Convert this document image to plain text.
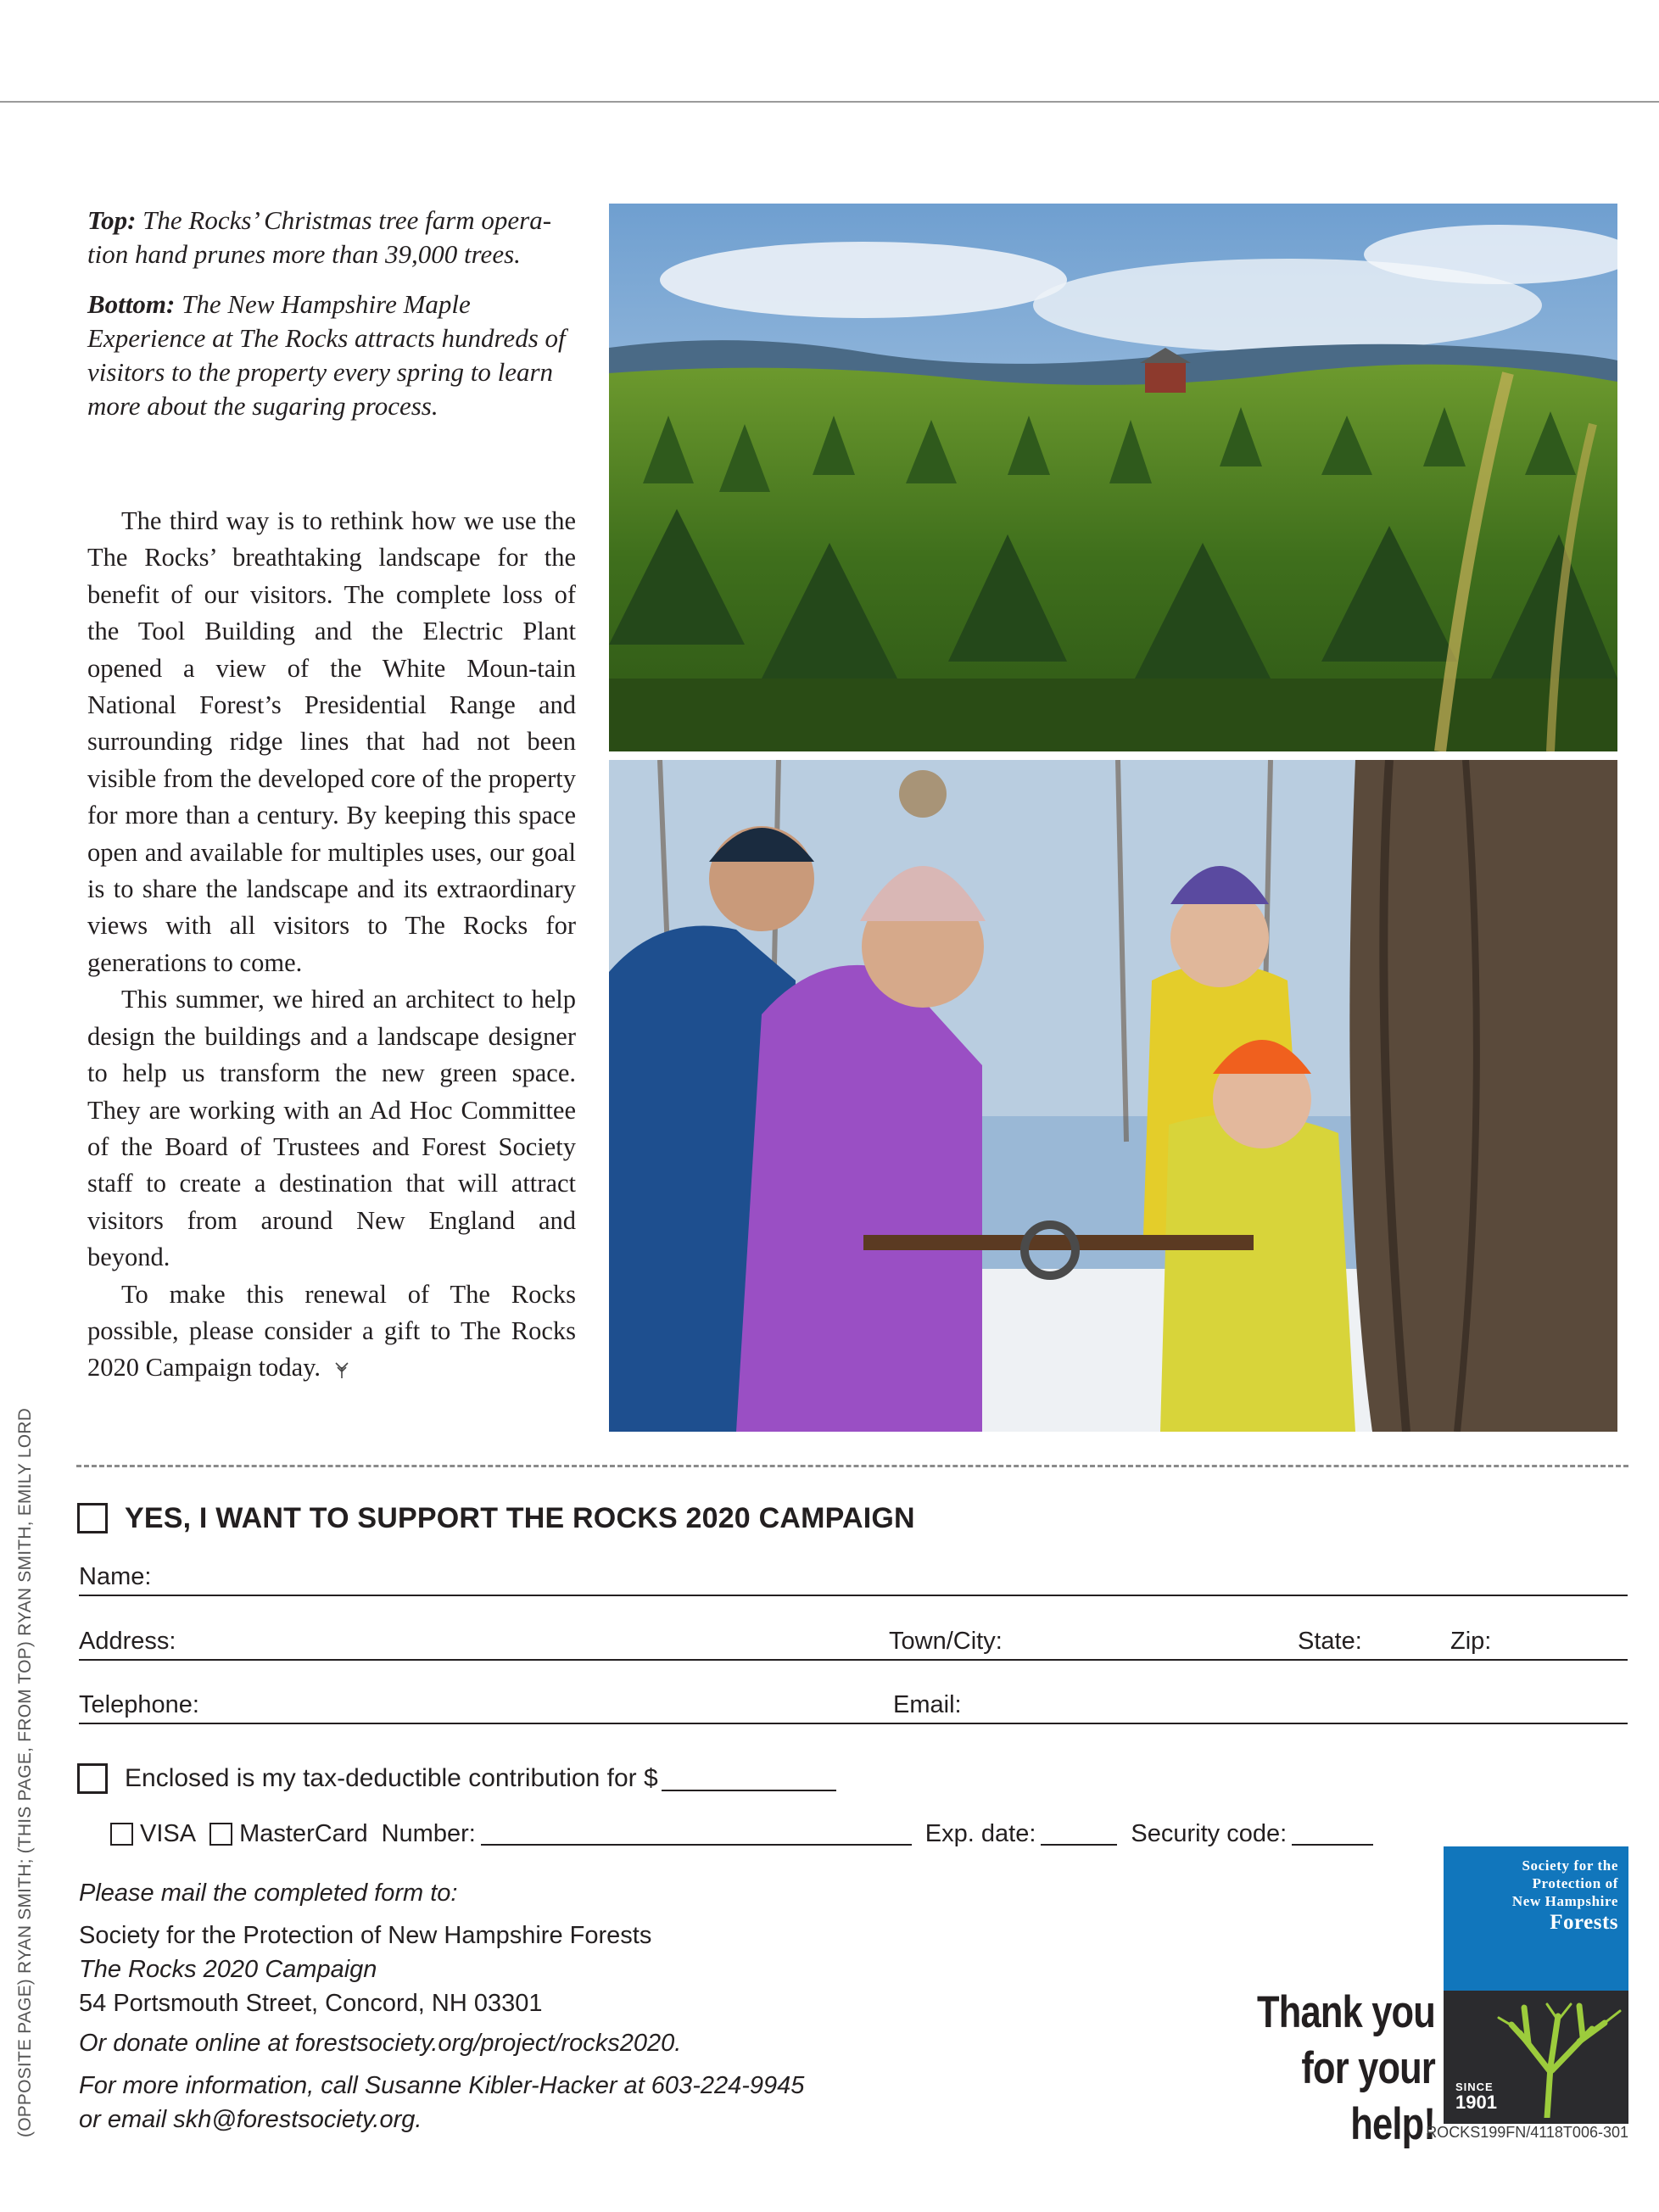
Top: The Rocks’ Christmas tree farm opera-tion hand prunes more than 39,000 trees.
Bottom: The New Hampshire Maple Experience at The Rocks attracts hundreds of visitors to the property every spring to learn more about the sugaring process.

The third way is to rethink how we use the The Rocks’ breathtaking landscape for the benefit of our visitors. The complete loss of the Tool Building and the Electric Plant opened a view of the White Moun-tain National Forest’s Presidential Range and surrounding ridge lines that had not been visible from the developed core of the property for more than a century. By keeping this space open and available for multiples uses, our goal is to share the landscape and its extraordinary views with all visitors to The Rocks for generations to come.

This summer, we hired an architect to help design the buildings and a landscape designer to help us transform the new green space. They are working with an Ad Hoc Committee of the Board of Trustees and Forest Society staff to create a destination that will attract visitors from around New England and beyond.

To make this renewal of The Rocks possible, please consider a gift to The Rocks 2020 Campaign today.

YES, I WANT TO SUPPORT THE ROCKS 2020 CAMPAIGN
Name:
Address:	Town/City:	State:	Zip:
Telephone:	Email:
Enclosed is my tax-deductible contribution for $
VISA MasterCard Number:	Exp. date:	Security code:
Please mail the completed form to:
Society for the Protection of New Hampshire Forests
The Rocks 2020 Campaign
54 Portsmouth Street, Concord, NH 03301
Or donate online at forestsociety.org/project/rocks2020.
For more information, call Susanne Kibler-Hacker at 603-224-9945
or email skh@forestsociety.org.
Thank you
for your help!
Society for the
Protection of
New Hampshire
Forests
SINCE
1901
ROCKS199FN/4118T006-301
(OPPOSITE PAGE) RYAN SMITH; (THIS PAGE, FROM TOP) RYAN SMITH, EMILY LORD
